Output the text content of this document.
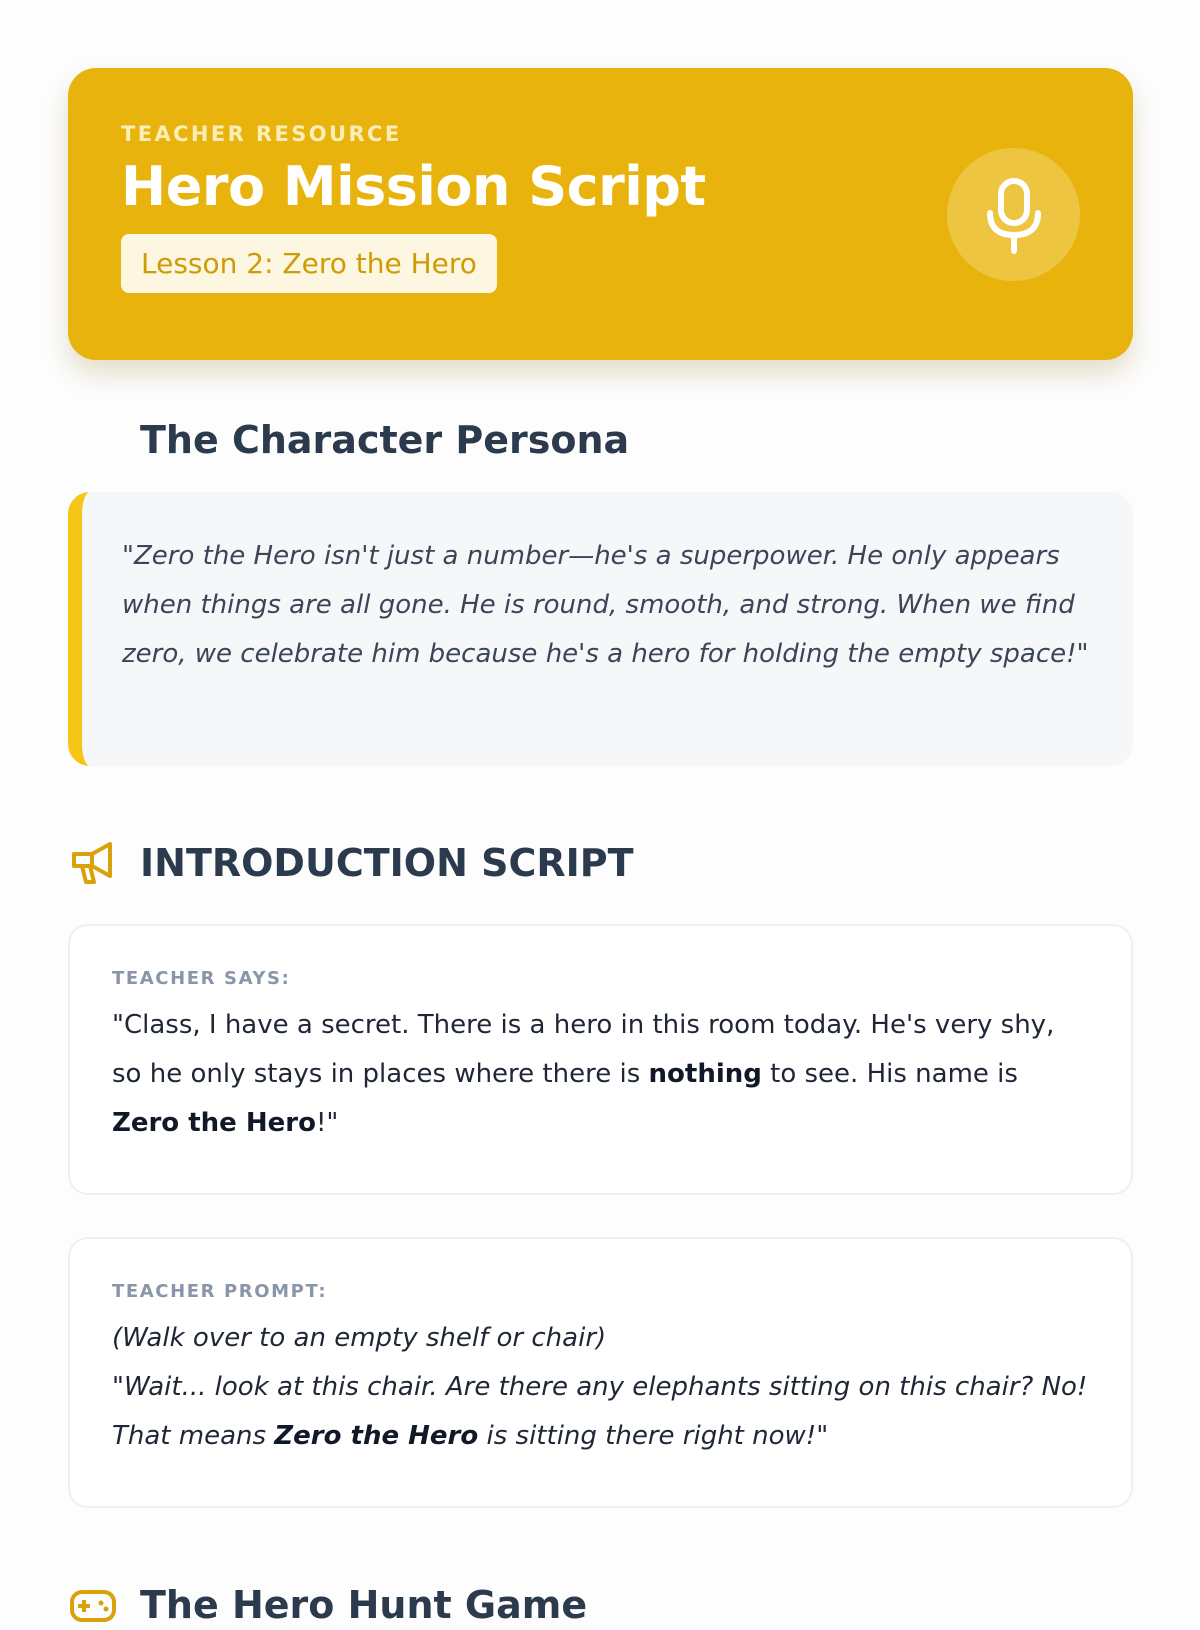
TEACHER RESOURCE
Hero Mission Script
Lesson 2: Zero the Hero
The Character Persona
"Zero the Hero isn't just a number—he's a superpower. He only appears when things are all gone. He is round, smooth, and strong. When we find zero, we celebrate him because he's a hero for holding the empty space!"
INTRODUCTION SCRIPT
TEACHER SAYS:
"Class, I have a secret. There is a hero in this room today. He's very shy, so he only stays in places where there is nothing to see. His name is Zero the Hero!"
TEACHER PROMPT:
(Walk over to an empty shelf or chair)
"Wait... look at this chair. Are there any elephants sitting on this chair? No! That means Zero the Hero is sitting there right now!"
The Hero Hunt Game
